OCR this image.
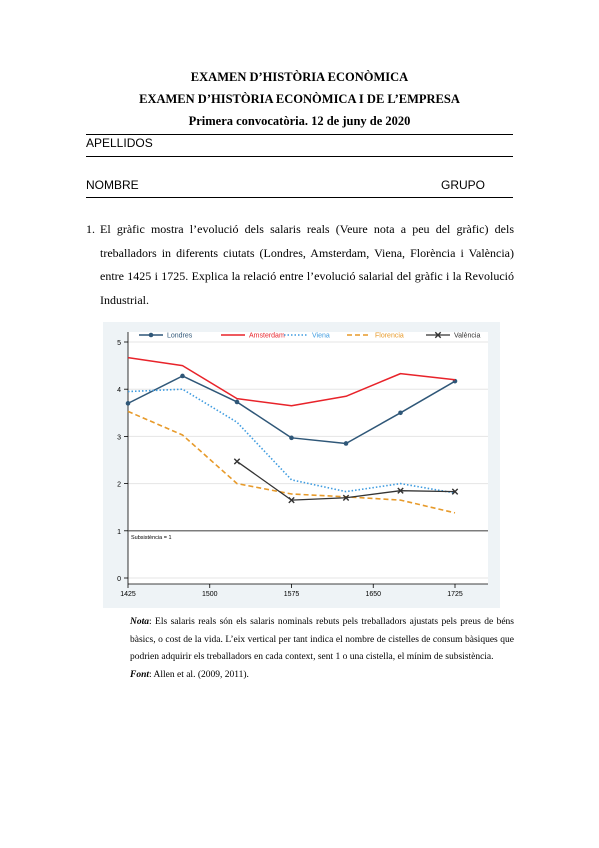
EXAMEN D’HISTÒRIA ECONÒMICA
EXAMEN D’HISTÒRIA ECONÒMICA I DE L’EMPRESA
Primera convocatòria. 12 de juny de 2020
APELLIDOS
NOMBRE	GRUPO
1. El gràfic mostra l’evolució dels salaris reals (Veure nota a peu del gràfic) dels treballadors in diferents ciutats (Londres, Amsterdam, Viena, Florència i València) entre 1425 i 1725. Explica la relació entre l’evolució salarial del gràfic i la Revolució Industrial.
0
1
2
3
4
5
1425	1500	1575	1650	1725
Subsistència = 1
Londres	Amsterdam	Viena	Florencia	València
Nota: Els salaris reals són els salaris nominals rebuts pels treballadors ajustats pels preus de béns bàsics, o cost de la vida. L’eix vertical per tant indica el nombre de cistelles de consum bàsiques que podrien adquirir els treballadors en cada context, sent 1 o una cistella, el mínim de subsistència.
Font: Allen et al. (2009, 2011).
